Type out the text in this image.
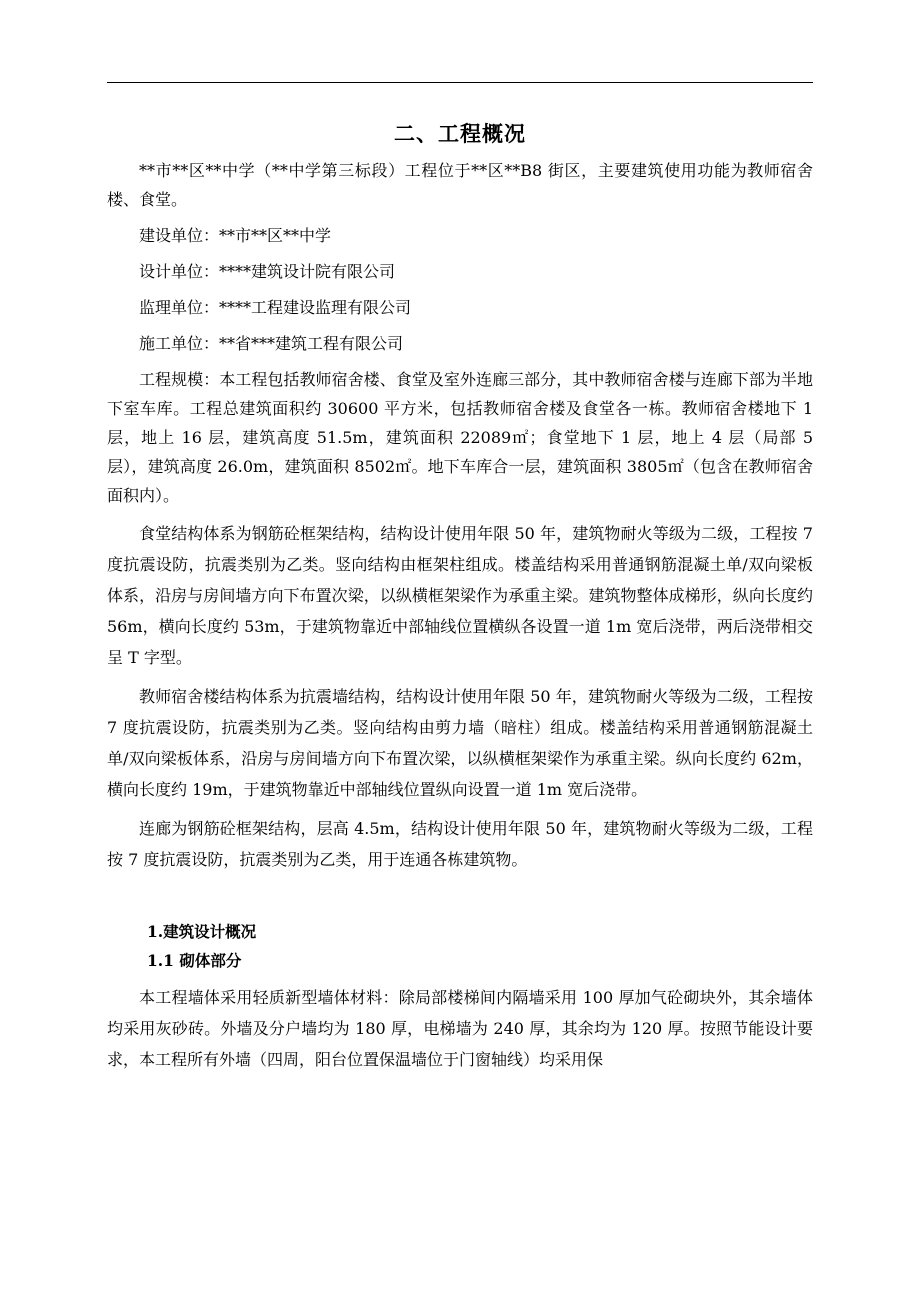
二、工程概况

**市**区**中学（**中学第三标段）工程位于**区**B8 街区，主要建筑使用功能为教师宿舍楼、食堂。

建设单位：**市**区**中学

设计单位：****建筑设计院有限公司

监理单位：****工程建设监理有限公司

施工单位：**省***建筑工程有限公司

工程规模：本工程包括教师宿舍楼、食堂及室外连廊三部分，其中教师宿舍楼与连廊下部为半地下室车库。工程总建筑面积约 30600 平方米，包括教师宿舍楼及食堂各一栋。教师宿舍楼地下 1 层，地上 16 层，建筑高度 51.5m，建筑面积 22089㎡；食堂地下 1 层，地上 4 层（局部 5 层），建筑高度 26.0m，建筑面积 8502㎡。地下车库合一层，建筑面积 3805㎡（包含在教师宿舍面积内）。

食堂结构体系为钢筋砼框架结构，结构设计使用年限 50 年，建筑物耐火等级为二级，工程按 7 度抗震设防，抗震类别为乙类。竖向结构由框架柱组成。楼盖结构采用普通钢筋混凝土单/双向梁板体系，沿房与房间墙方向下布置次梁，以纵横框架梁作为承重主梁。建筑物整体成梯形，纵向长度约 56m，横向长度约 53m，于建筑物靠近中部轴线位置横纵各设置一道 1m 宽后浇带，两后浇带相交呈 T 字型。

教师宿舍楼结构体系为抗震墙结构，结构设计使用年限 50 年，建筑物耐火等级为二级，工程按 7 度抗震设防，抗震类别为乙类。竖向结构由剪力墙（暗柱）组成。楼盖结构采用普通钢筋混凝土单/双向梁板体系，沿房与房间墙方向下布置次梁，以纵横框架梁作为承重主梁。纵向长度约 62m，横向长度约 19m，于建筑物靠近中部轴线位置纵向设置一道 1m 宽后浇带。

连廊为钢筋砼框架结构，层高 4.5m，结构设计使用年限 50 年，建筑物耐火等级为二级，工程按 7 度抗震设防，抗震类别为乙类，用于连通各栋建筑物。

1.建筑设计概况

1.1 砌体部分

本工程墙体采用轻质新型墙体材料：除局部楼梯间内隔墙采用 100 厚加气砼砌块外，其余墙体均采用灰砂砖。外墙及分户墙均为 180 厚，电梯墙为 240 厚，其余均为 120 厚。按照节能设计要求，本工程所有外墙（四周，阳台位置保温墙位于门窗轴线）均采用保
